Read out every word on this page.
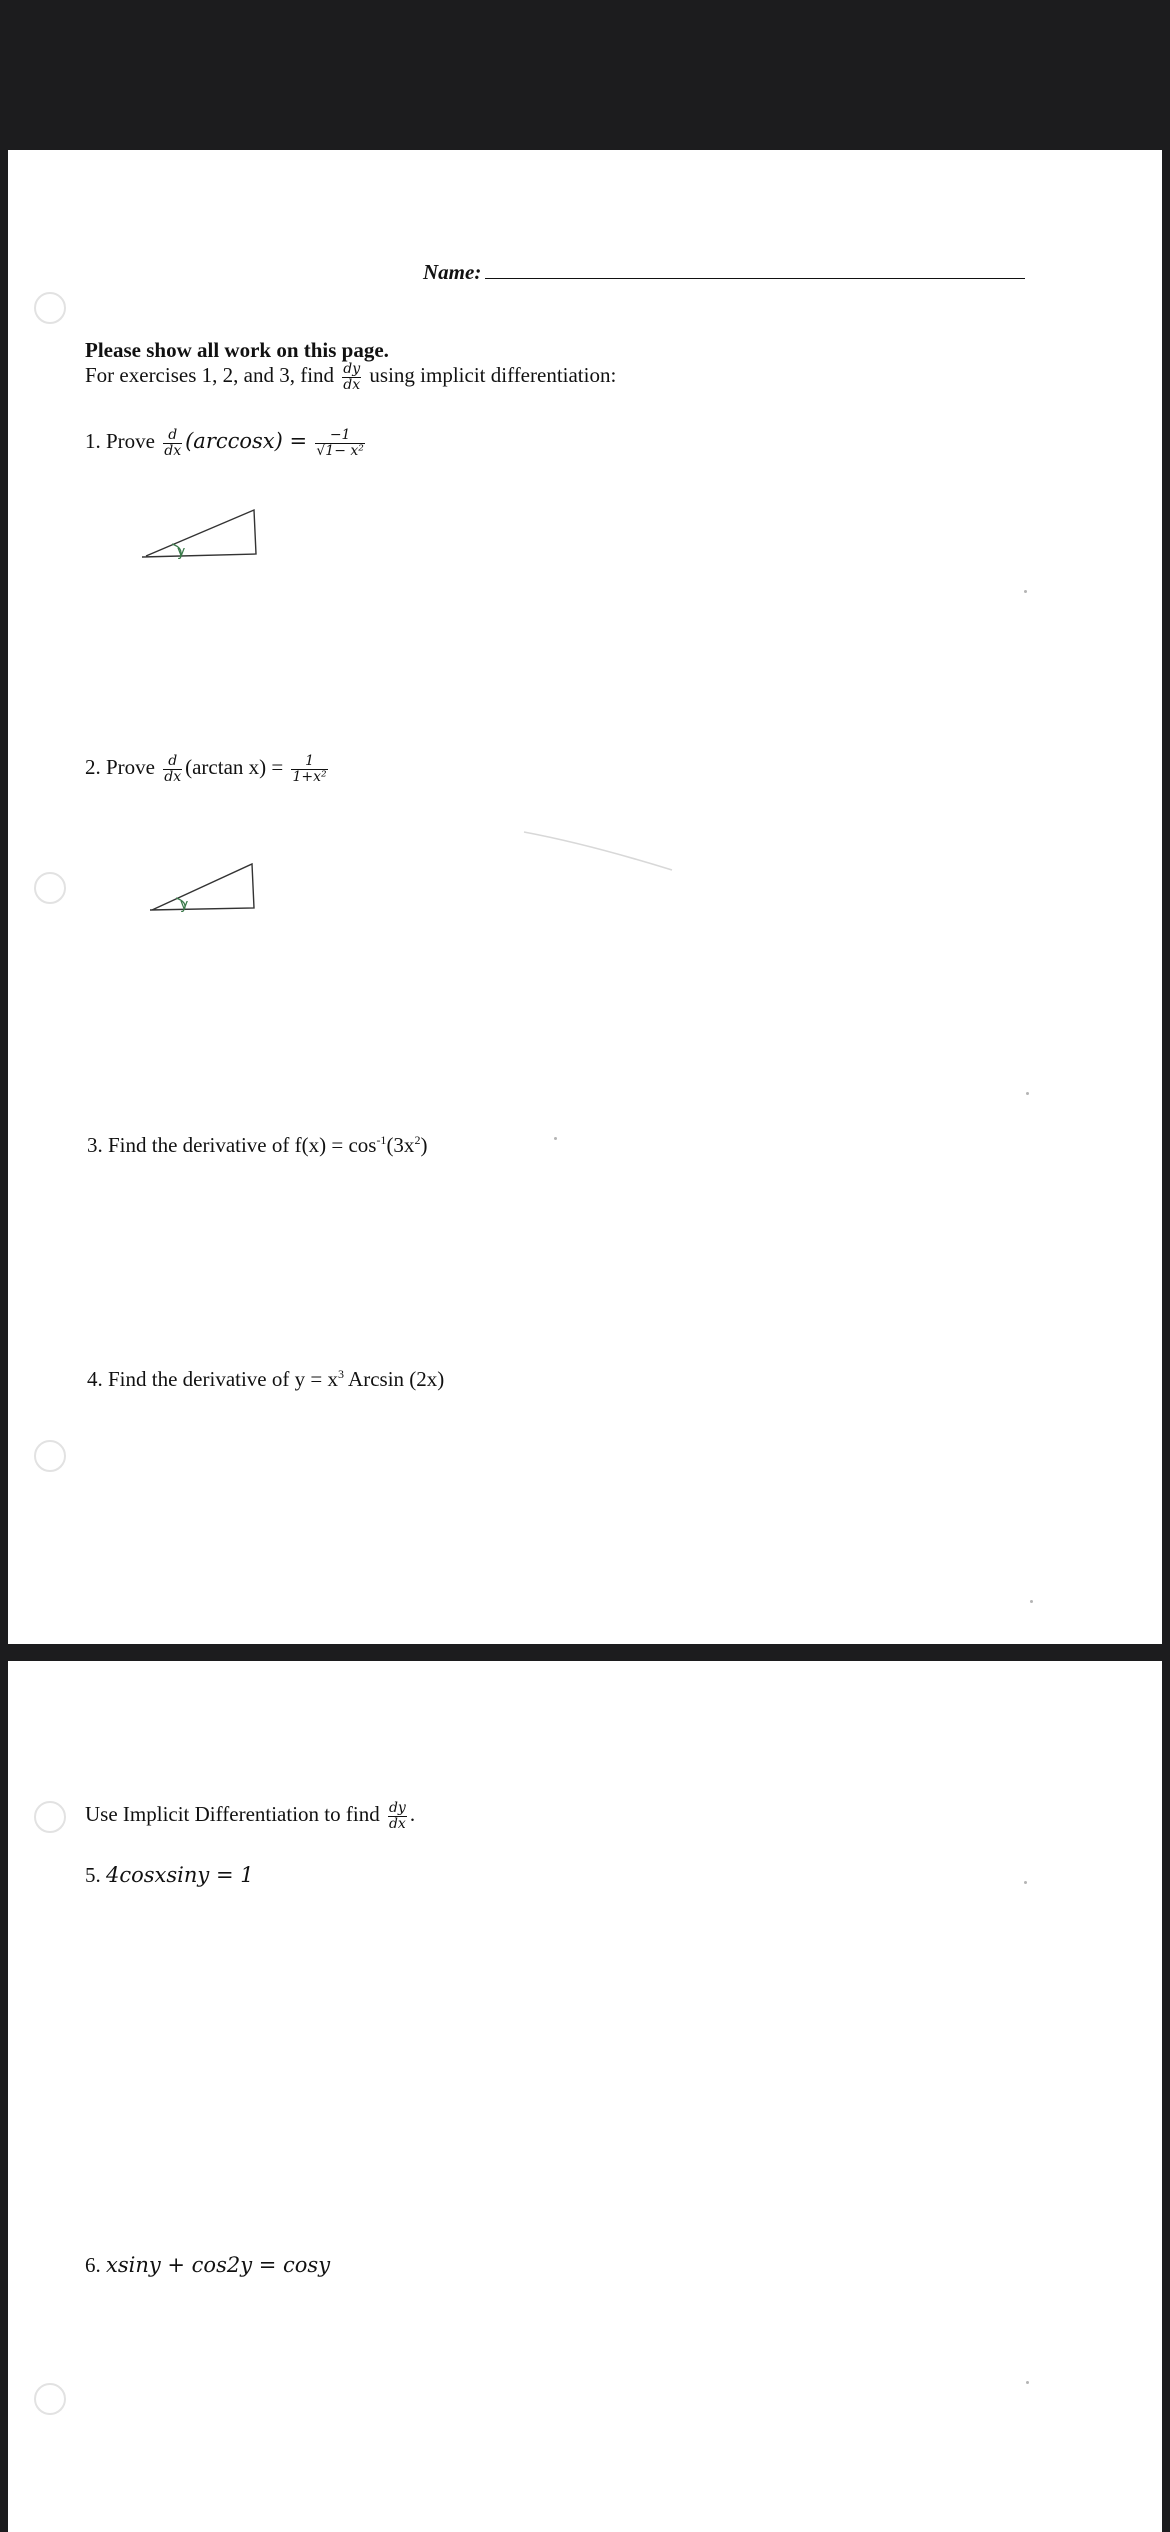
Name:
Please show all work on this page.
For exercises 1, 2, and 3, find $\frac{dy}{dx}$ using implicit differentiation:
1. Prove $\frac{d}{dx} (\arccos x) = \frac{-1}{\text{√1− x²}}$
y
2. Prove $\frac{d}{dx} (\arctan$ $x) = \frac{1}{\text{1+x²}}$
y
3. Find the derivative of $f(x) = \cos^{-1}(3x^2)$
4. Find the derivative of $y = x^3$ Arcsin (2x)
Use Implicit Differentiation to find $\frac{dy}{dx}$ .
5. 4cosxsiny = 1
6. xsiny + cos2y = cosy
